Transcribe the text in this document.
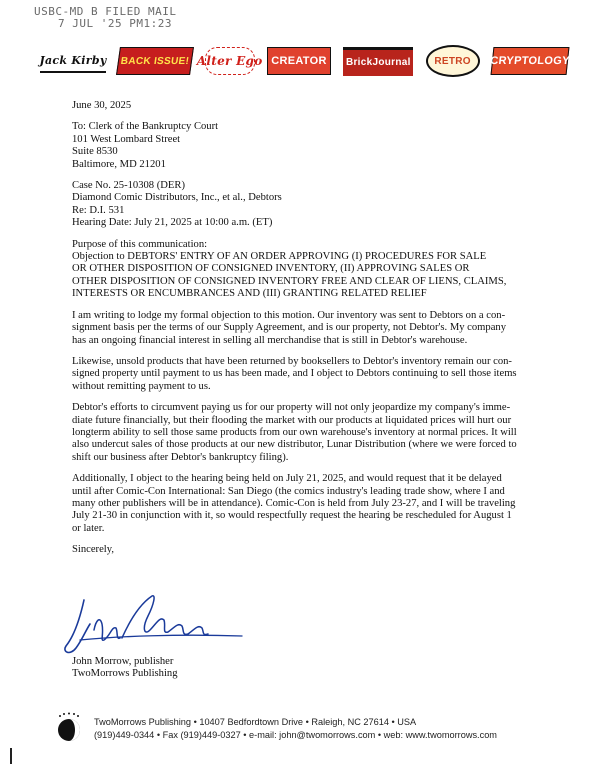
USBC-MD B FILED MAIL
7 JUL '25 PM1:23
Jack Kirby	BACK ISSUE! Alter Ego CREATOR	BrickJournal	RETRO	CRYPTOLOGY

June 30, 2025

To: Clerk of the Bankruptcy Court
101 West Lombard Street
Suite 8530
Baltimore, MD 21201

Case No. 25-10308 (DER)
Diamond Comic Distributors, Inc., et al., Debtors
Re: D.I. 531
Hearing Date: July 21, 2025 at 10:00 a.m. (ET)

Purpose of this communication:
Objection to DEBTORS' ENTRY OF AN ORDER APPROVING (I) PROCEDURES FOR SALE
OR OTHER DISPOSITION OF CONSIGNED INVENTORY, (II) APPROVING SALES OR
OTHER DISPOSITION OF CONSIGNED INVENTORY FREE AND CLEAR OF LIENS, CLAIMS,
INTERESTS OR ENCUMBRANCES AND (III) GRANTING RELATED RELIEF

I am writing to lodge my formal objection to this motion. Our inventory was sent to Debtors on a con-
signment basis per the terms of our Supply Agreement, and is our property, not Debtor's. My company
has an ongoing financial interest in selling all merchandise that is still in Debtor's warehouse.

Likewise, unsold products that have been returned by booksellers to Debtor's inventory remain our con-
signed property until payment to us has been made, and I object to Debtors continuing to sell those items
without remitting payment to us.

Debtor's efforts to circumvent paying us for our property will not only jeopardize my company's imme-
diate future financially, but their flooding the market with our products at liquidated prices will hurt our
longterm ability to sell those same products from our own warehouse's inventory at normal prices. It will
also undercut sales of those products at our new distributor, Lunar Distribution (where we were forced to
shift our business after Debtor's bankruptcy filing).

Additionally, I object to the hearing being held on July 21, 2025, and would request that it be delayed
until after Comic-Con International: San Diego (the comics industry's leading trade show, where I and
many other publishers will be in attendance). Comic-Con is held from July 23-27, and I will be traveling
July 21-30 in conjunction with it, so would respectfully request the hearing be rescheduled for August 1
or later.

Sincerely,

John Morrow, publisher
TwoMorrows Publishing
TwoMorrows Publishing • 10407 Bedfordtown Drive • Raleigh, NC 27614 • USA
(919)449-0344 • Fax (919)449-0327 • e-mail: john@twomorrows.com • web: www.twomorrows.com
